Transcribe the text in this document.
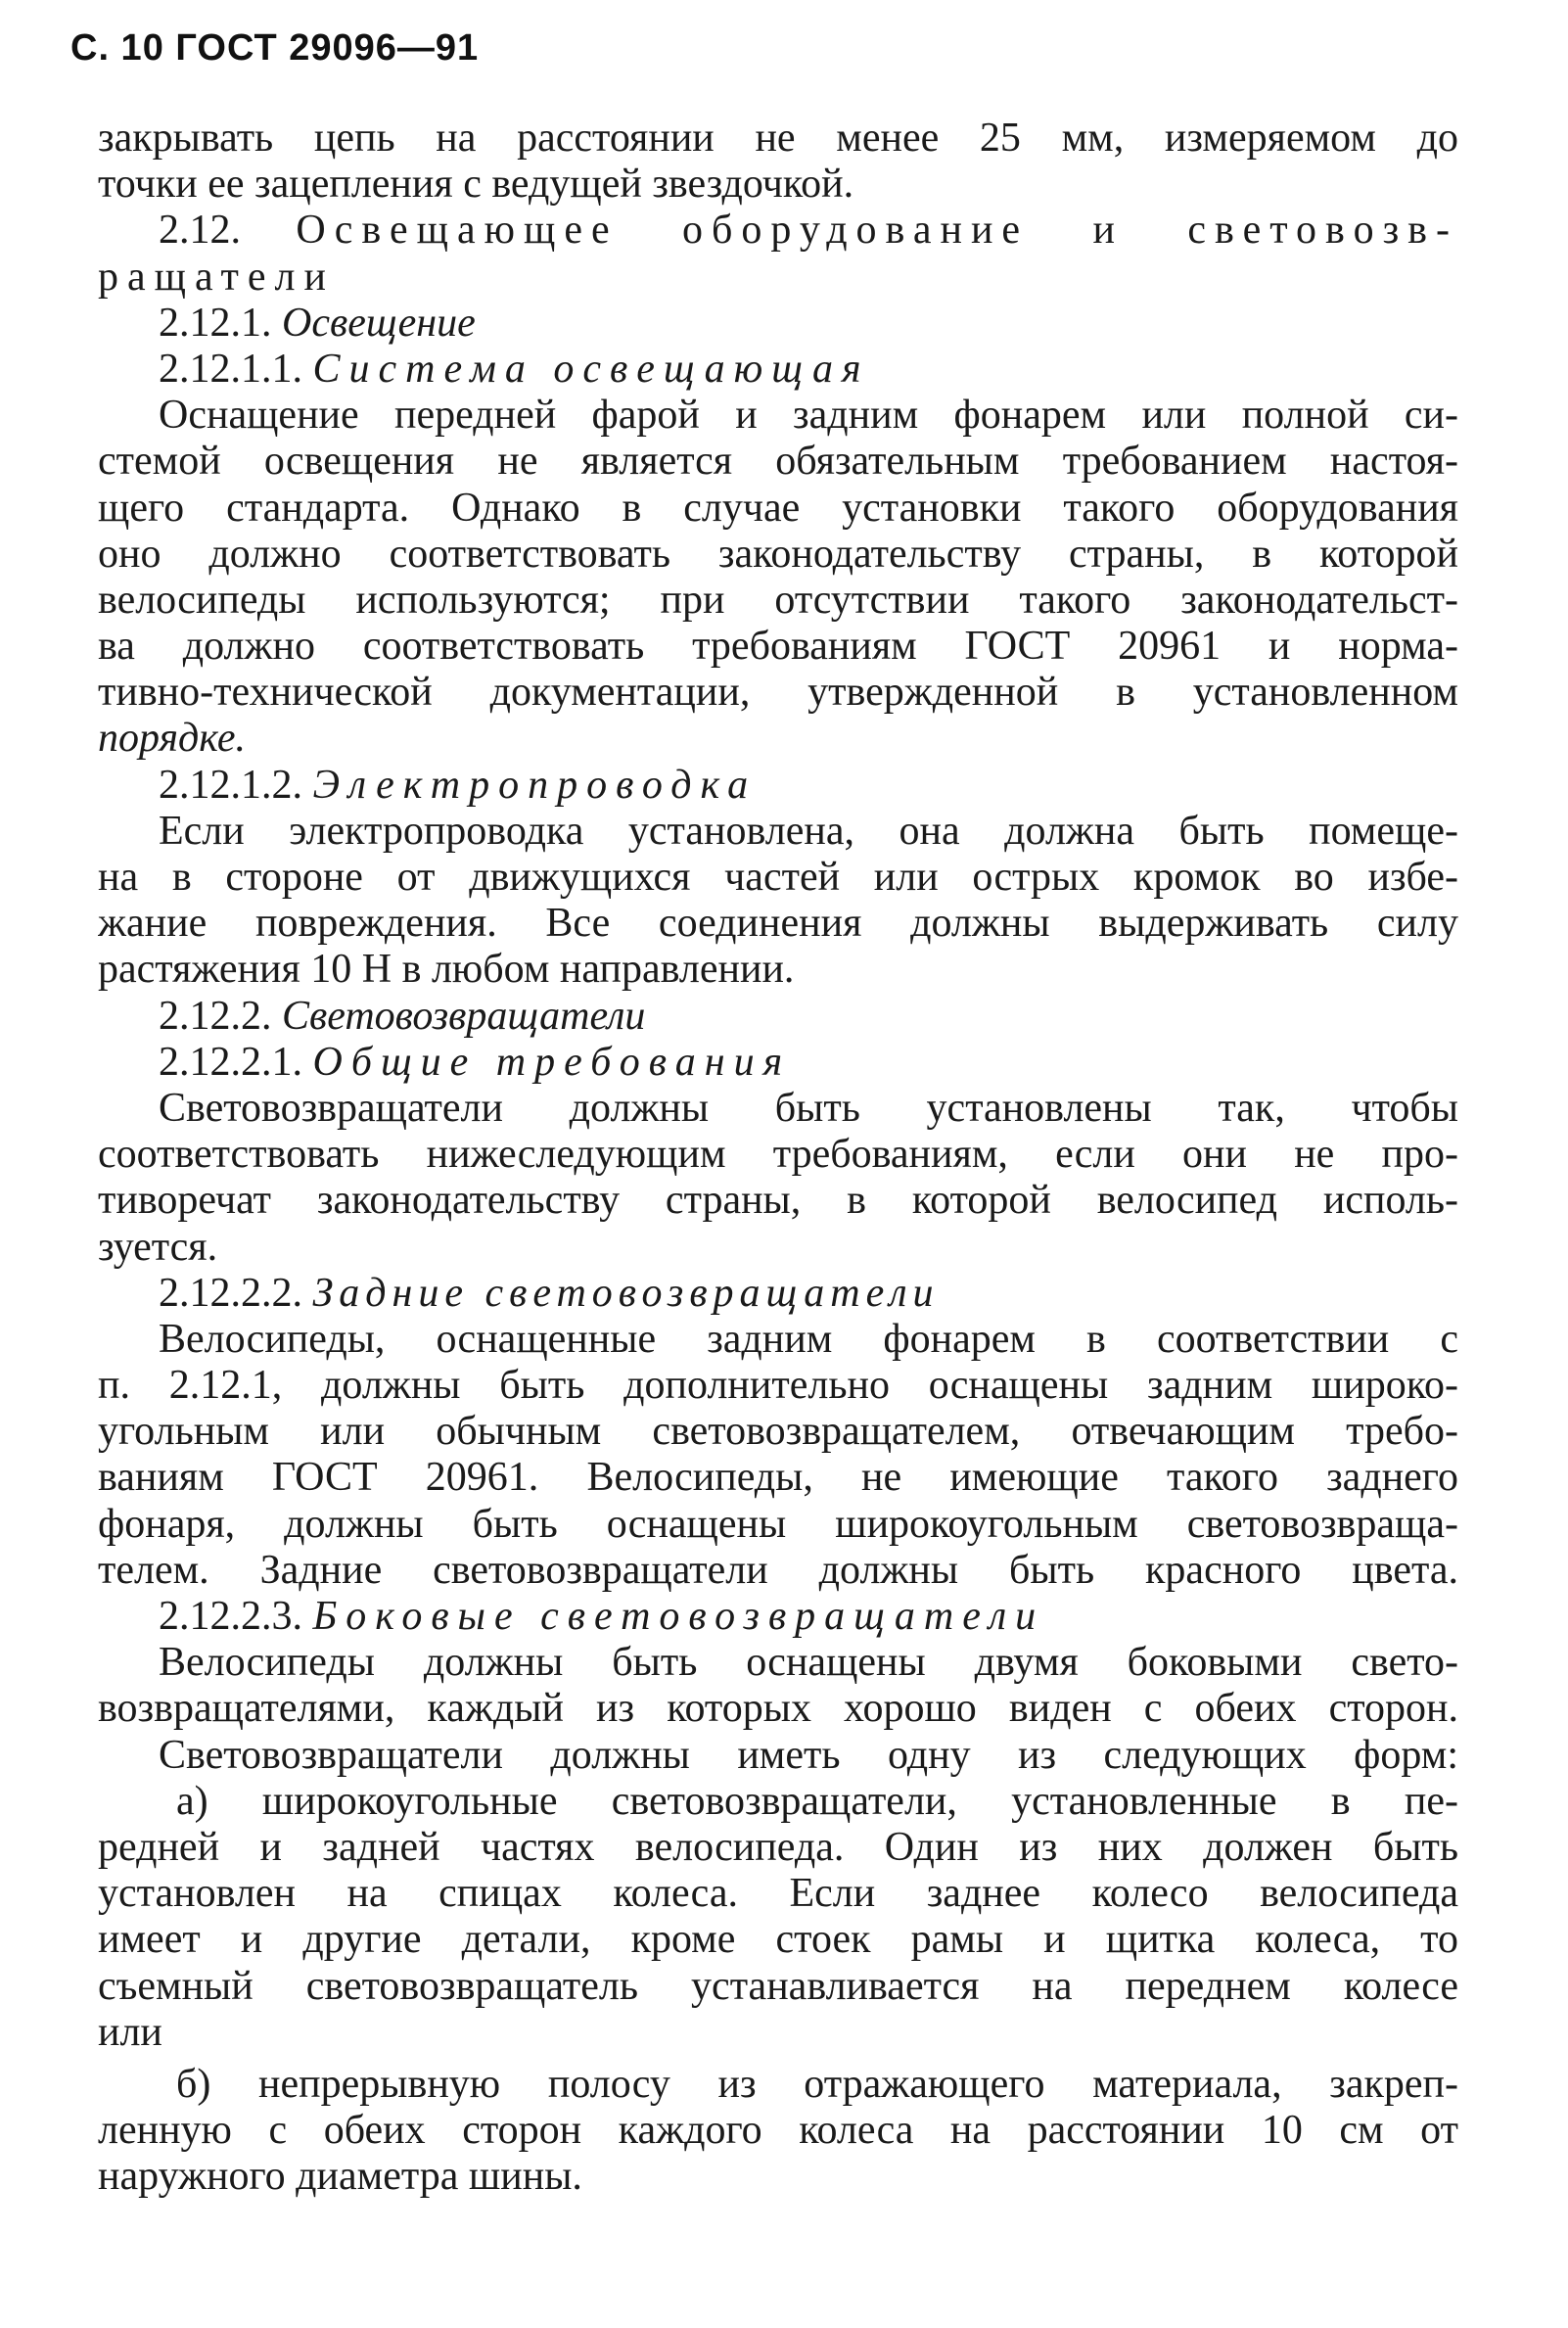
С. 10 ГОСТ 29096—91
закрывать цепь на расстоянии не менее 25 мм, измеряемом до
точки ее зацепления с ведущей звездочкой.
2.12. Освещающее оборудование и световозв-
ращатели
2.12.1. Освещение
2.12.1.1. Система освещающая
Оснащение передней фарой и задним фонарем или полной си-
стемой освещения не является обязательным требованием настоя-
щего стандарта. Однако в случае установки такого оборудования
оно должно соответствовать законодательству страны, в которой
велосипеды используются; при отсутствии такого законодательст-
ва должно соответствовать требованиям ГОСТ 20961 и норма-
тивно-технической документации, утвержденной в установленном
порядке.
2.12.1.2. Электропроводка
Если электропроводка установлена, она должна быть помеще-
на в стороне от движущихся частей или острых кромок во избе-
жание повреждения. Все соединения должны выдерживать силу
растяжения 10 Н в любом направлении.
2.12.2. Световозвращатели
2.12.2.1. Общие требования
Световозвращатели должны быть установлены так, чтобы
соответствовать нижеследующим требованиям, если они не про-
тиворечат законодательству страны, в которой велосипед исполь-
зуется.
2.12.2.2. Задние световозвращатели
Велосипеды, оснащенные задним фонарем в соответствии с
п. 2.12.1, должны быть дополнительно оснащены задним широко-
угольным или обычным световозвращателем, отвечающим требо-
ваниям ГОСТ 20961. Велосипеды, не имеющие такого заднего
фонаря, должны быть оснащены широкоугольным световозвраща-
телем. Задние световозвращатели должны быть красного цвета.
2.12.2.3. Боковые световозвращатели
Велосипеды должны быть оснащены двумя боковыми свето-
возвращателями, каждый из которых хорошо виден с обеих сторон.
Световозвращатели должны иметь одну из следующих форм:
а) широкоугольные световозвращатели, установленные в пе-
редней и задней частях велосипеда. Один из них должен быть
установлен на спицах колеса. Если заднее колесо велосипеда
имеет и другие детали, кроме стоек рамы и щитка колеса, то
съемный световозвращатель устанавливается на переднем колесе
или
б) непрерывную полосу из отражающего материала, закреп-
ленную с обеих сторон каждого колеса на расстоянии 10 см от
наружного диаметра шины.
